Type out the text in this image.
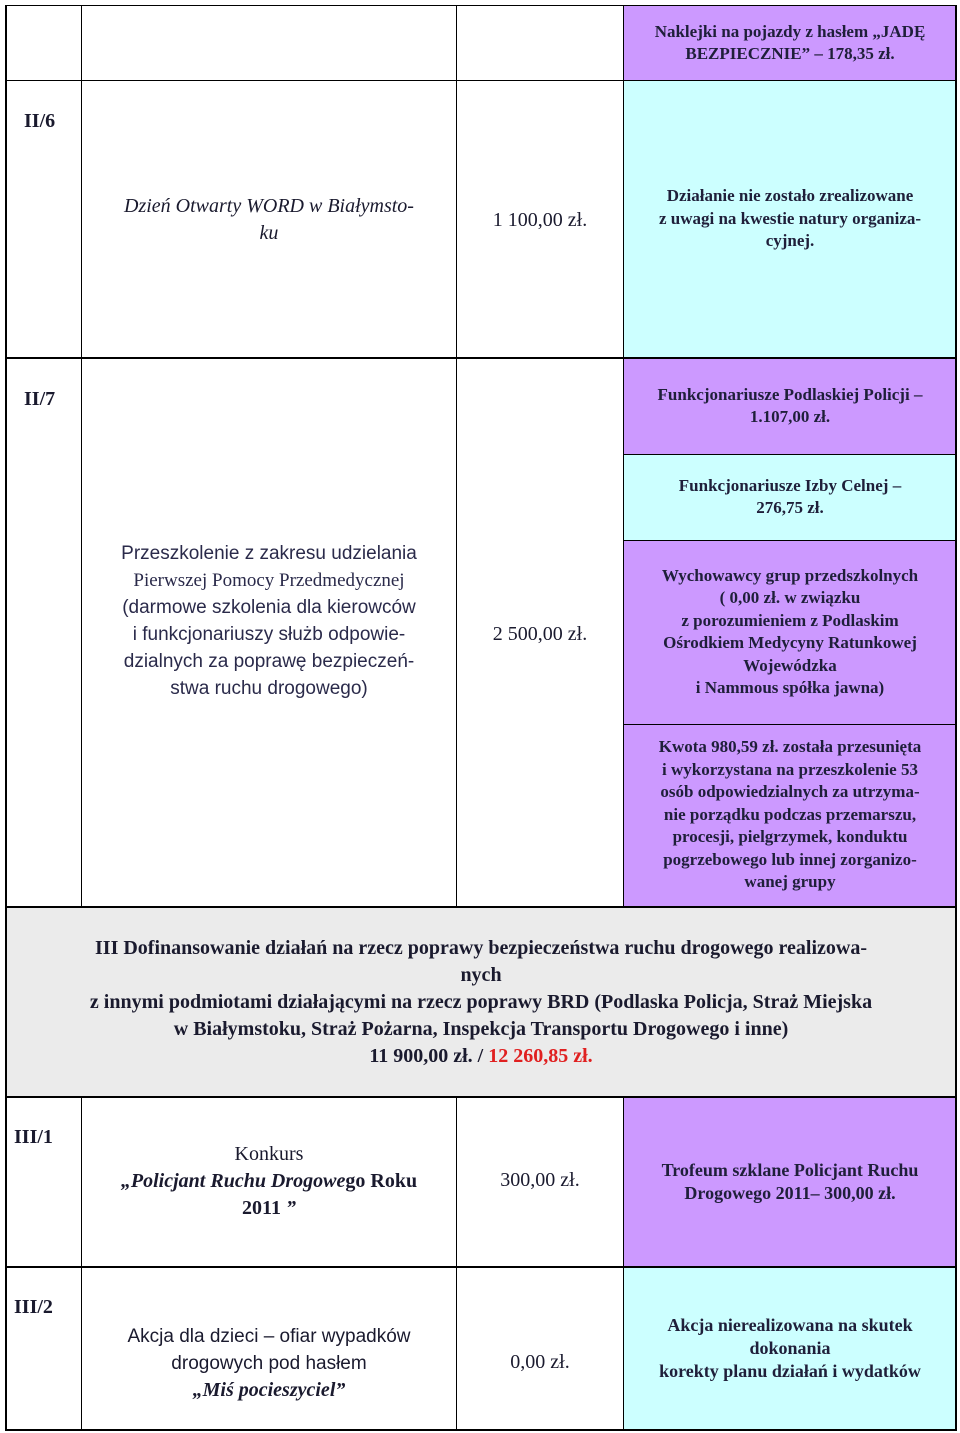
Naklejki na pojazdy z hasłem „JADĘ
BEZPIECZNIE” – 178,35 zł.
Działanie nie zostało zrealizowane
z uwagi na kwestie natury organiza-
cyjnej.
Funkcjonariusze Podlaskiej Policji –
1.107,00 zł.
Funkcjonariusze Izby Celnej –
276,75 zł.
Wychowawcy grup przedszkolnych
( 0,00 zł. w związku
z porozumieniem z Podlaskim
Ośrodkiem Medycyny Ratunkowej
Wojewódzka
i Nammous spółka jawna)
Kwota 980,59 zł. została przesunięta
i wykorzystana na przeszkolenie 53
osób odpowiedzialnych za utrzyma-
nie porządku podczas przemarszu,
procesji, pielgrzymek, konduktu
pogrzebowego lub innej zorganizo-
wanej grupy
III Dofinansowanie działań na rzecz poprawy bezpieczeństwa ruchu drogowego realizowa-
nych
z innymi podmiotami działającymi na rzecz poprawy BRD (Podlaska Policja, Straż Miejska
w Białymstoku, Straż Pożarna, Inspekcja Transportu Drogowego i inne)
11 900,00 zł. / 12 260,85 zł.
Trofeum szklane Policjant Ruchu
Drogowego 2011– 300,00 zł.
Akcja nierealizowana na skutek
dokonania
korekty planu działań i wydatków
II/6
Dzień Otwarty WORD w Białymsto-
ku
1 100,00 zł.
II/7
Przeszkolenie z zakresu udzielania
Pierwszej Pomocy Przedmedycznej
(darmowe szkolenia dla kierowców
i funkcjonariuszy służb odpowie-
dzialnych za poprawę bezpieczeń-
stwa ruchu drogowego)
2 500,00 zł.
III/1
Konkurs
„Policjant Ruchu Drogowego Roku
2011 ”
300,00 zł.
III/2
Akcja dla dzieci – ofiar wypadków
drogowych pod hasłem
„Miś pocieszyciel”
0,00 zł.
